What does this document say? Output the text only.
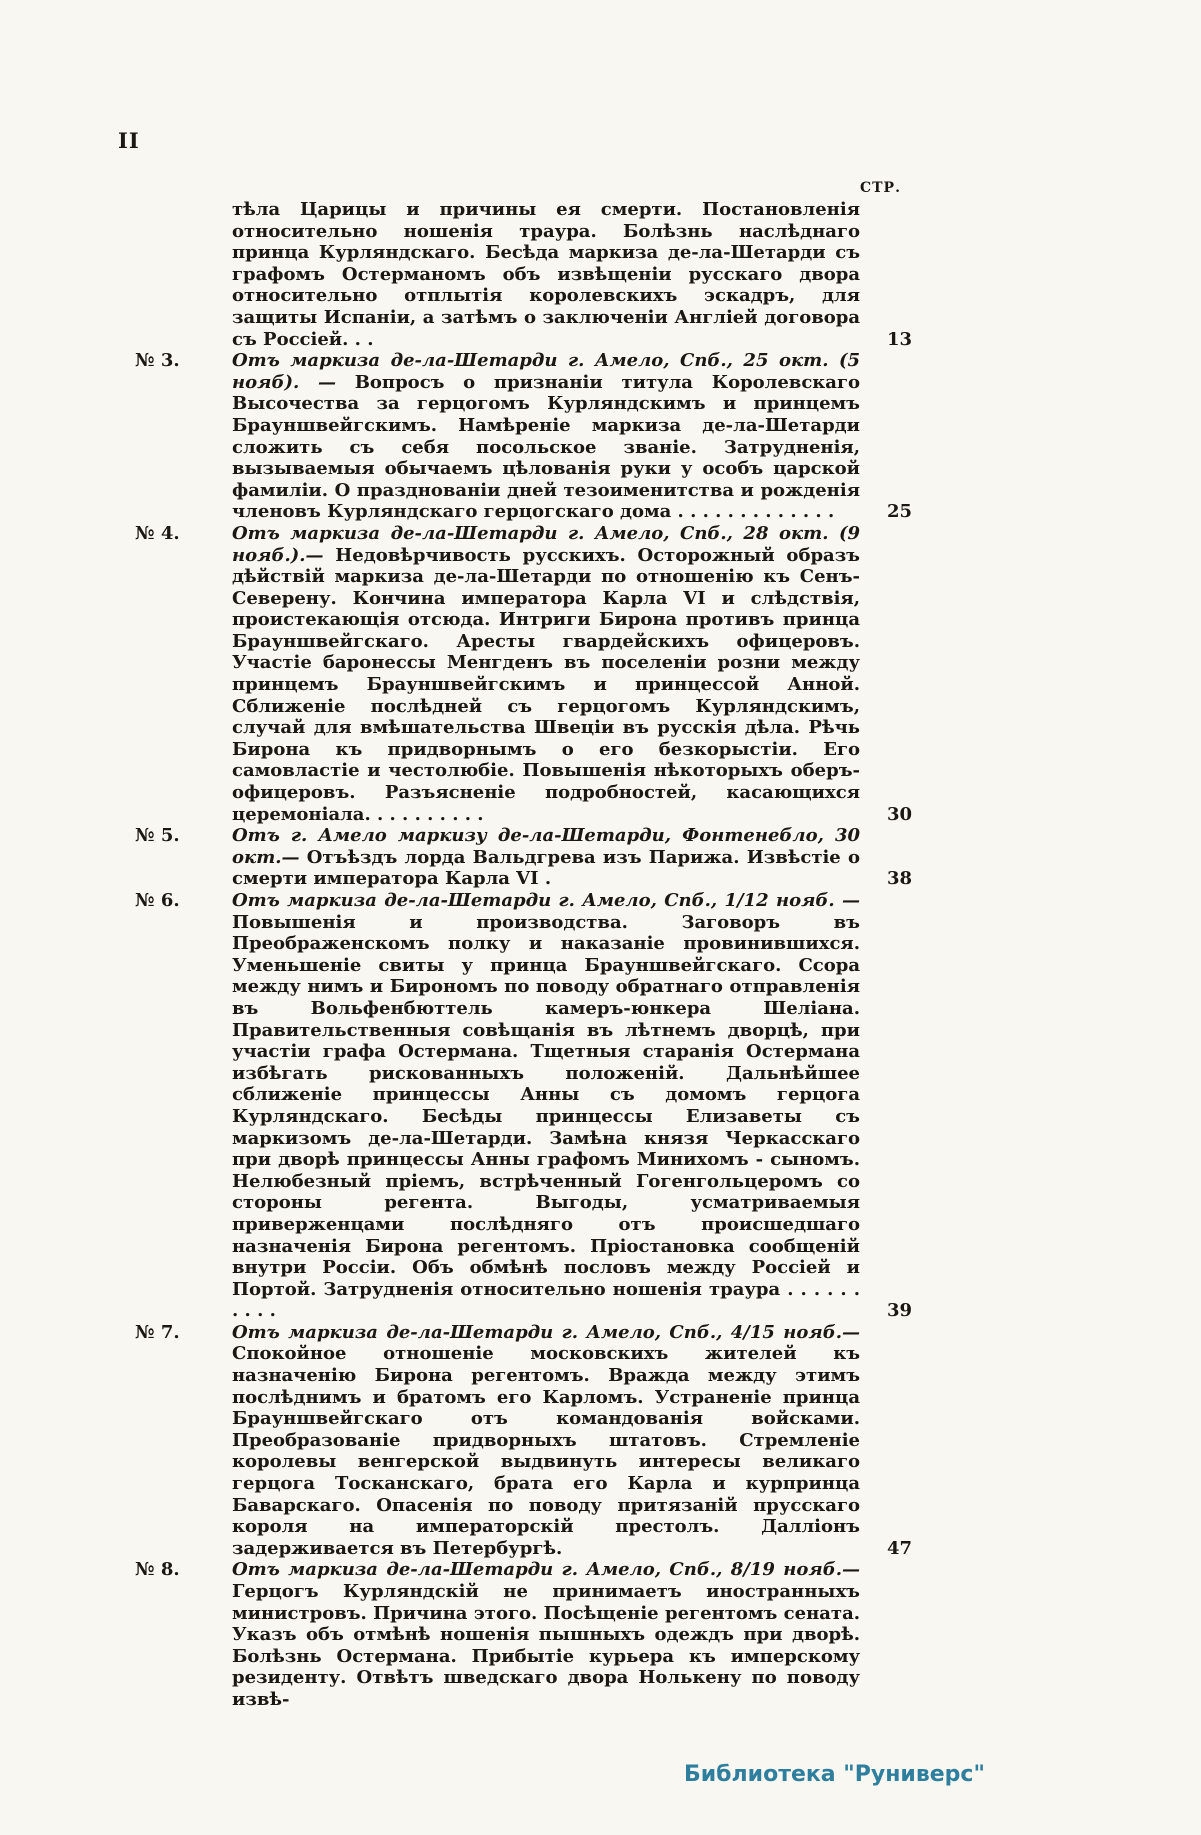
II
СТР.

тѣла Царицы и причины ея смерти. Постановленія относительно ношенія траура. Болѣзнь наслѣднаго принца Курляндскаго. Бесѣда маркиза де-ла-Шетарди съ графомъ Остерманомъ объ извѣщеніи русскаго двора относительно отплытія королевскихъ эскадръ, для защиты Испаніи, а затѣмъ о заключеніи Англіей договора съ Россіей. . .	13

№ 3.	Отъ маркиза де-ла-Шетарди г. Амело, Спб., 25 окт. (5 нояб). — Вопросъ о признаніи титула Королевскаго Высочества за герцогомъ Курляндскимъ и принцемъ Брауншвейгскимъ. Намѣреніе маркиза де-ла-Шетарди сложить съ себя посольское званіе. Затрудненія, вызываемыя обычаемъ цѣлованія руки у особъ царской фамиліи. О празднованіи дней тезоименитства и рожденія членовъ Курляндскаго герцогскаго дома . . . . . . . . . . . . .	25

№ 4.	Отъ маркиза де-ла-Шетарди г. Амело, Спб., 28 окт. (9 нояб.).— Недовѣрчивость русскихъ. Осторожный образъ дѣйствій маркиза де-ла-Шетарди по отношенію къ Сенъ-Северену. Кончина императора Карла VI и слѣдствія, проистекающія отсюда. Интриги Бирона противъ принца Брауншвейгскаго. Аресты гвардейскихъ офицеровъ. Участіе баронессы Менгденъ въ поселеніи розни между принцемъ Брауншвейгскимъ и принцессой Анной. Сближеніе послѣдней съ герцогомъ Курляндскимъ, случай для вмѣшательства Швеціи въ русскія дѣла. Рѣчь Бирона къ придворнымъ о его безкорыстіи. Его самовластіе и честолюбіе. Повышенія нѣкоторыхъ оберъ-офицеровъ. Разъясненіе подробностей, касающихся церемоніала. . . . . . . . . .	30

№ 5.	Отъ г. Амело маркизу де-ла-Шетарди, Фонтенебло, 30 окт.— Отъѣздъ лорда Вальдгрева изъ Парижа. Извѣстіе о смерти императора Карла VI .	38

№ 6.	Отъ маркиза де-ла-Шетарди г. Амело, Спб., 1/12 нояб. — Повышенія и производства. Заговоръ въ Преображенскомъ полку и наказаніе провинившихся. Уменьшеніе свиты у принца Брауншвейгскаго. Ссора между нимъ и Бирономъ по поводу обратнаго отправленія въ Вольфенбюттель камеръ-юнкера Шеліана. Правительственныя совѣщанія въ лѣтнемъ дворцѣ, при участіи графа Остермана. Тщетныя старанія Остермана избѣгать рискованныхъ положеній. Дальнѣйшее сближеніе принцессы Анны съ домомъ герцога Курляндскаго. Бесѣды принцессы Елизаветы съ маркизомъ де-ла-Шетарди. Замѣна князя Черкасскаго при дворѣ принцессы Анны графомъ Минихомъ - сыномъ. Нелюбезный пріемъ, встрѣченный Гогенгольцеромъ со стороны регента. Выгоды, усматриваемыя приверженцами послѣдняго отъ происшедшаго назначенія Бирона регентомъ. Пріостановка сообщеній внутри Россіи. Объ обмѣнѣ пословъ между Россіей и Портой. Затрудненія относительно ношенія траура . . . . . . . . . .	39

№ 7.	Отъ маркиза де-ла-Шетарди г. Амело, Спб., 4/15 нояб.— Спокойное отношеніе московскихъ жителей къ назначенію Бирона регентомъ. Вражда между этимъ послѣднимъ и братомъ его Карломъ. Устраненіе принца Брауншвейгскаго отъ командованія войсками. Преобразованіе придворныхъ штатовъ. Стремленіе королевы венгерской выдвинуть интересы великаго герцога Тосканскаго, брата его Карла и курпринца Баварскаго. Опасенія по поводу притязаній прусскаго короля на императорскій престолъ. Далліонъ задерживается въ Петербургѣ.	47

№ 8.	Отъ маркиза де-ла-Шетарди г. Амело, Спб., 8/19 нояб.— Герцогъ Курляндскій не принимаетъ иностранныхъ министровъ. Причина этого. Посѣщеніе регентомъ сената. Указъ объ отмѣнѣ ношенія пышныхъ одеждъ при дворѣ. Болѣзнь Остермана. Прибытіе курьера къ имперскому резиденту. Отвѣтъ шведскаго двора Нолькену по поводу извѣ-

Библиотека "Руниверс"
